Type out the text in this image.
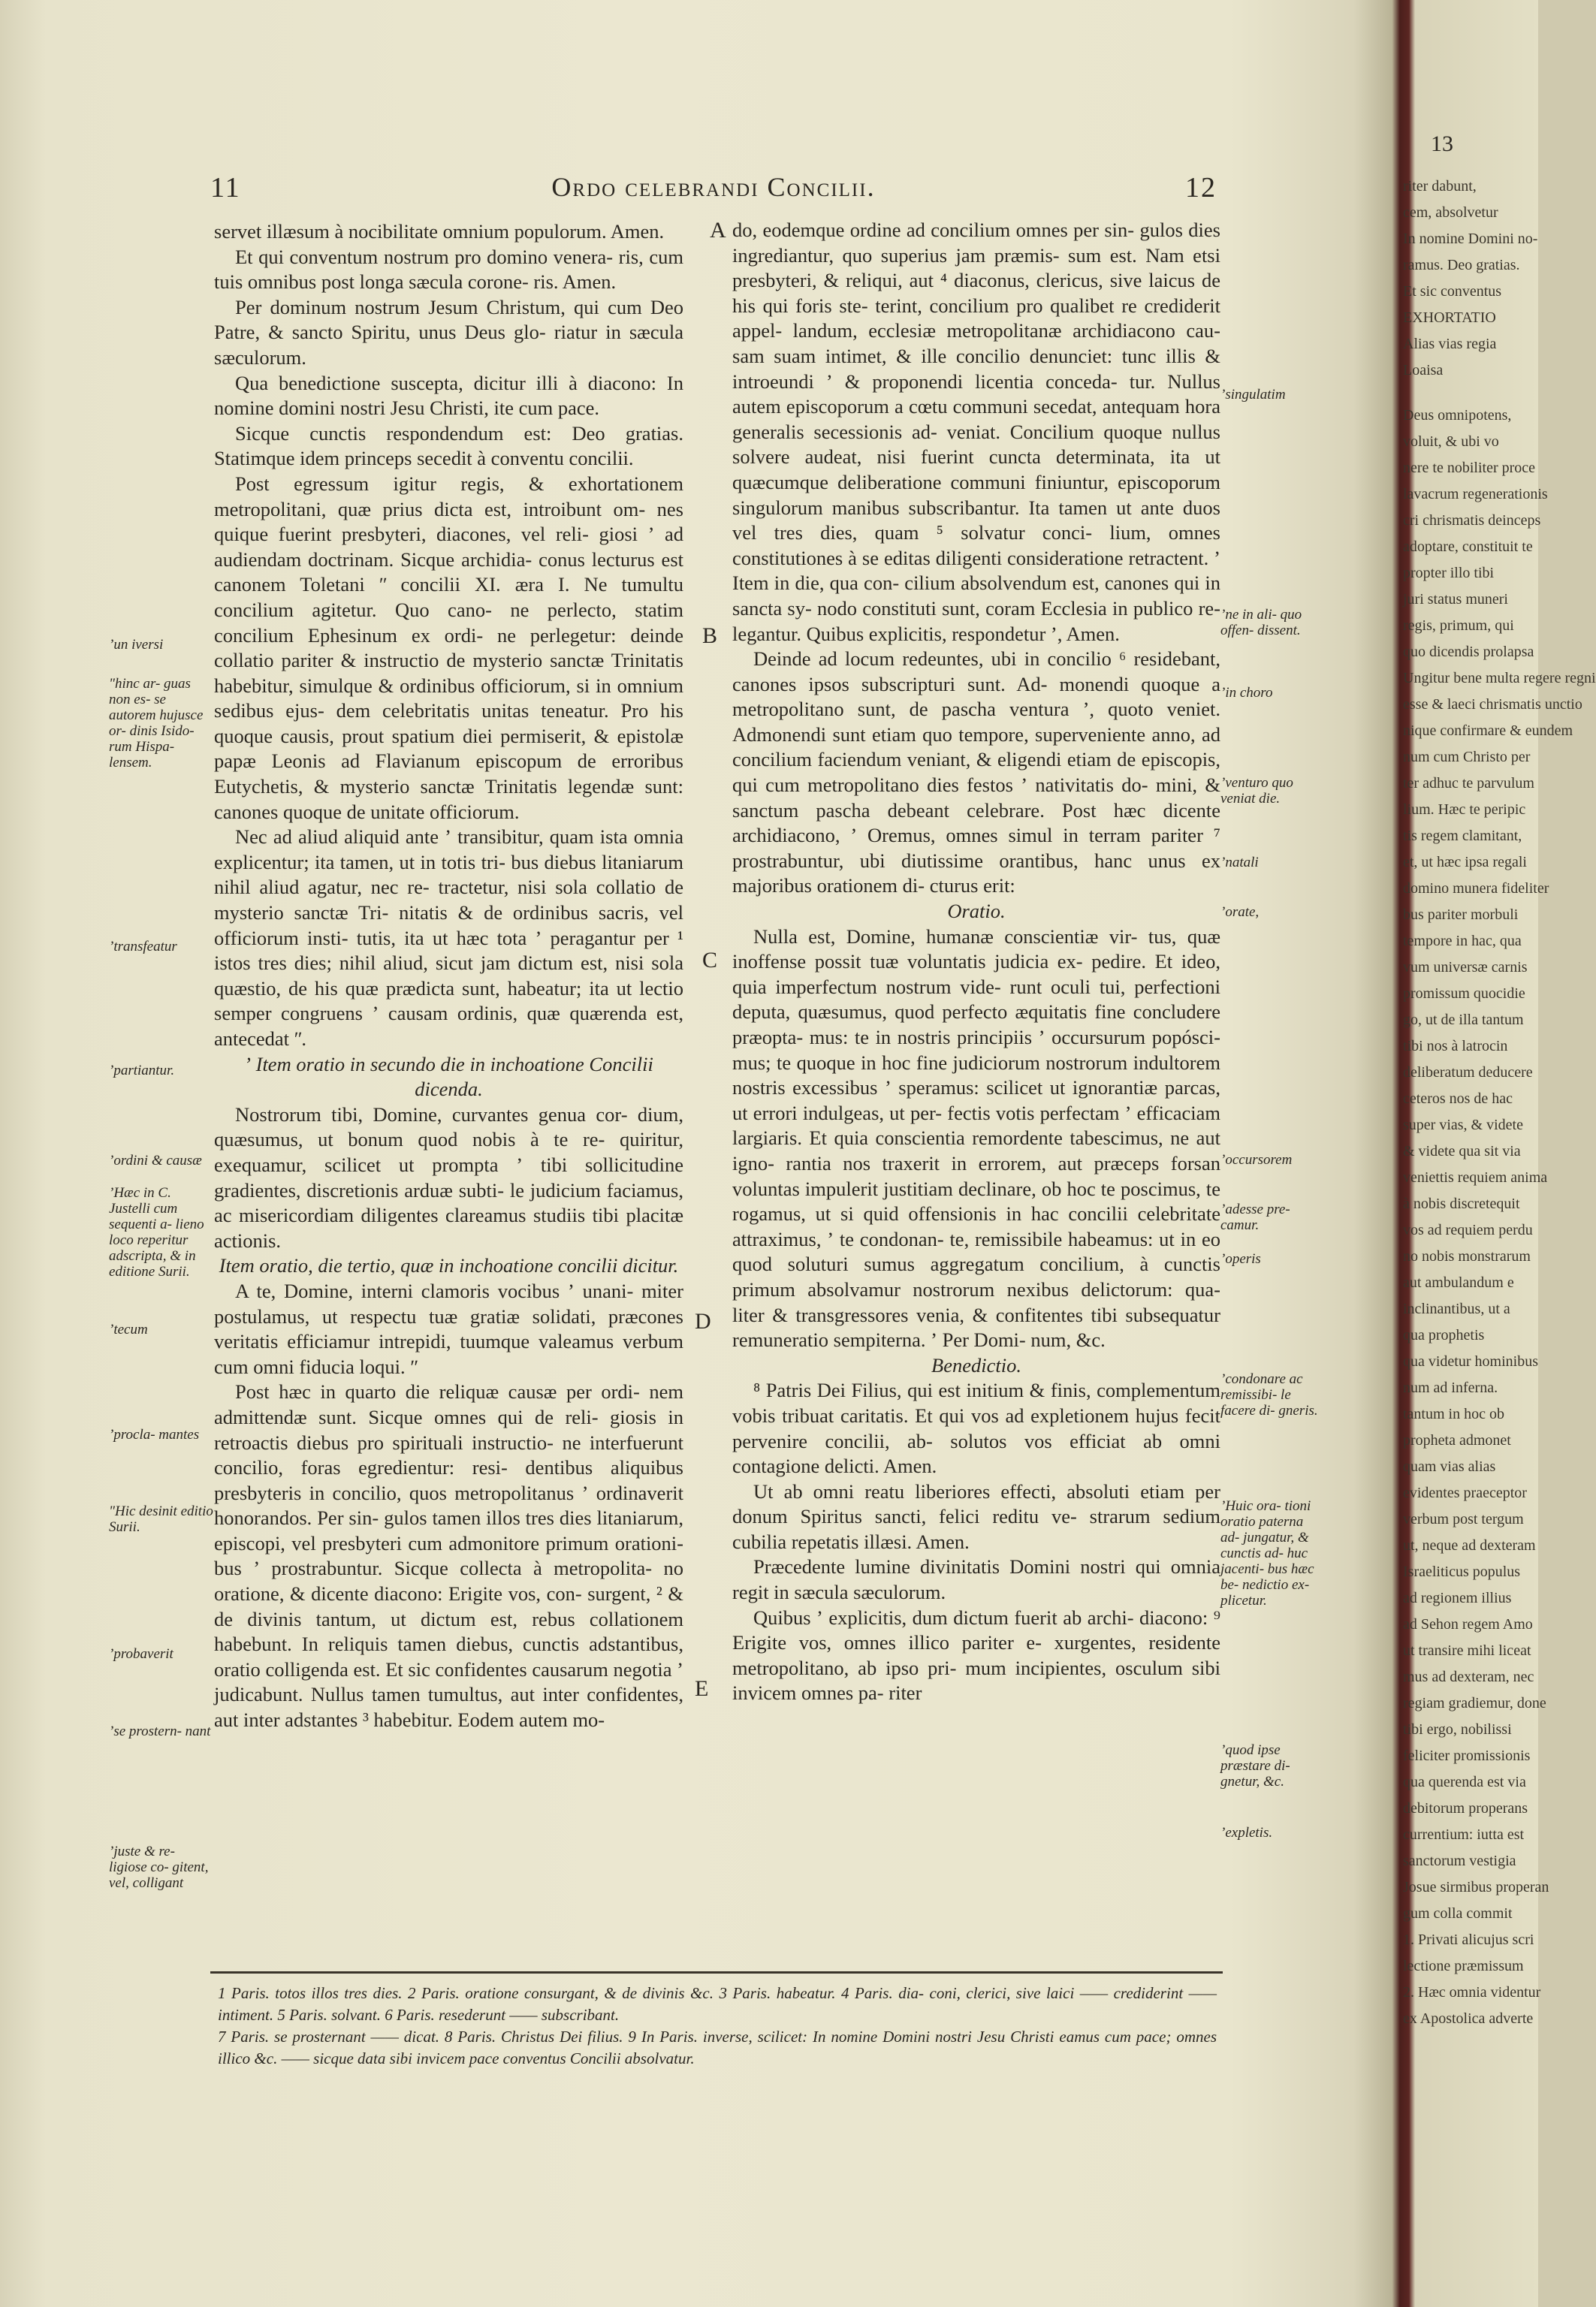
11	Ordo celebrandi Concilii.	12

servet illæsum à nocibilitate omnium populorum. Amen.

Et qui conventum nostrum pro domino venera- ris, cum tuis omnibus post longa sæcula corone- ris. Amen.

Per dominum nostrum Jesum Christum, qui cum Deo Patre, & sancto Spiritu, unus Deus glo- riatur in sæcula sæculorum.

Qua benedictione suscepta, dicitur illi à diacono: In nomine domini nostri Jesu Christi, ite cum pace.

Sicque cunctis respondendum est: Deo gratias. Statimque idem princeps secedit à conventu concilii.

Post egressum igitur regis, & exhortationem metropolitani, quæ prius dicta est, introibunt om- nes quique fuerint presbyteri, diacones, vel reli- giosi ʼ ad audiendam doctrinam. Sicque archidia- conus lecturus est canonem Toletani ʺ concilii XI. æra I. Ne tumultu concilium agitetur. Quo cano- ne perlecto, statim concilium Ephesinum ex ordi- ne perlegetur: deinde collatio pariter & instructio de mysterio sanctæ Trinitatis habebitur, simulque & ordinibus officiorum, si in omnium sedibus ejus- dem celebritatis unitas teneatur. Pro his quoque causis, prout spatium diei permiserit, & epistolæ papæ Leonis ad Flavianum episcopum de erroribus Eutychetis, & mysterio sanctæ Trinitatis legendæ sunt: canones quoque de unitate officiorum.

Nec ad aliud aliquid ante ʼ transibitur, quam ista omnia explicentur; ita tamen, ut in totis tri- bus diebus litaniarum nihil aliud agatur, nec re- tractetur, nisi sola collatio de mysterio sanctæ Tri- nitatis & de ordinibus sacris, vel officiorum insti- tutis, ita ut hæc tota ʼ peragantur per ¹ istos tres dies; nihil aliud, sicut jam dictum est, nisi sola quæstio, de his quæ prædicta sunt, habeatur; ita ut lectio semper congruens ʼ causam ordinis, quæ quærenda est, antecedat ʺ.

ʼ Item oratio in secundo die in inchoatione Concilii dicenda.

Nostrorum tibi, Domine, curvantes genua cor- dium, quæsumus, ut bonum quod nobis à te re- quiritur, exequamur, scilicet ut prompta ʼ tibi sollicitudine gradientes, discretionis arduæ subti- le judicium faciamus, ac misericordiam diligentes clareamus studiis tibi placitæ actionis.

Item oratio, die tertio, quæ in inchoatione concilii dicitur.

A te, Domine, interni clamoris vocibus ʼ unani- miter postulamus, ut respectu tuæ gratiæ solidati, præcones veritatis efficiamur intrepidi, tuumque valeamus verbum cum omni fiducia loqui. ʺ

Post hæc in quarto die reliquæ causæ per ordi- nem admittendæ sunt. Sicque omnes qui de reli- giosis in retroactis diebus pro spirituali instructio- ne interfuerunt concilio, foras egredientur: resi- dentibus aliquibus presbyteris in concilio, quos metropolitanus ʼ ordinaverit honorandos. Per sin- gulos tamen illos tres dies litaniarum, episcopi, vel presbyteri cum admonitore primum orationi- bus ʼ prostrabuntur. Sicque collecta à metropolita- no oratione, & dicente diacono: Erigite vos, con- surgent, ² & de divinis tantum, ut dictum est, rebus collationem habebunt. In reliquis tamen diebus, cunctis adstantibus, oratio colligenda est. Et sic confidentes causarum negotia ʼ judicabunt. Nullus tamen tumultus, aut inter confidentes, aut inter adstantes ³ habebitur. Eodem autem mo-

do, eodemque ordine ad concilium omnes per sin- gulos dies ingrediantur, quo superius jam præmis- sum est. Nam etsi presbyteri, & reliqui, aut ⁴ diaconus, clericus, sive laicus de his qui foris ste- terint, concilium pro qualibet re crediderit appel- landum, ecclesiæ metropolitanæ archidiacono cau- sam suam intimet, & ille concilio denunciet: tunc illis & introeundi ʼ & proponendi licentia conceda- tur. Nullus autem episcoporum a cœtu communi secedat, antequam hora generalis secessionis ad- veniat. Concilium quoque nullus solvere audeat, nisi fuerint cuncta determinata, ita ut quæcumque deliberatione communi finiuntur, episcoporum singulorum manibus subscribantur. Ita tamen ut ante duos vel tres dies, quam ⁵ solvatur conci- lium, omnes constitutiones à se editas diligenti consideratione retractent. ʼ Item in die, qua con- cilium absolvendum est, canones qui in sancta sy- nodo constituti sunt, coram Ecclesia in publico re- legantur. Quibus explicitis, respondetur ʼ, Amen.

Deinde ad locum redeuntes, ubi in concilio ⁶ residebant, canones ipsos subscripturi sunt. Ad- monendi quoque a metropolitano sunt, de pascha ventura ʼ, quoto veniet. Admonendi sunt etiam quo tempore, superveniente anno, ad concilium faciendum veniant, & eligendi etiam de episcopis, qui cum metropolitano dies festos ʼ nativitatis do- mini, & sanctum pascha debeant celebrare. Post hæc dicente archidiacono, ʼ Oremus, omnes simul in terram pariter ⁷ prostrabuntur, ubi diutissime orantibus, hanc unus ex majoribus orationem di- cturus erit:

Oratio.

Nulla est, Domine, humanæ conscientiæ vir- tus, quæ inoffense possit tuæ voluntatis judicia ex- pedire. Et ideo, quia imperfectum nostrum vide- runt oculi tui, perfectioni deputa, quæsumus, quod perfecto æquitatis fine concludere præopta- mus: te in nostris principiis ʼ occursurum popósci- mus; te quoque in hoc fine judiciorum nostrorum indultorem nostris excessibus ʼ speramus: scilicet ut ignorantiæ parcas, ut errori indulgeas, ut per- fectis votis perfectam ʼ efficaciam largiaris. Et quia conscientia remordente tabescimus, ne aut igno- rantia nos traxerit in errorem, aut præceps forsan voluntas impulerit justitiam declinare, ob hoc te poscimus, te rogamus, ut si quid offensionis in hac concilii celebritate attraximus, ʼ te condonan- te, remissibile habeamus: ut in eo quod soluturi sumus aggregatum concilium, à cunctis primum absolvamur nostrorum nexibus delictorum: qua- liter & transgressores venia, & confitentes tibi subsequatur remuneratio sempiterna. ʼ Per Domi- num, &c.

Benedictio.

⁸ Patris Dei Filius, qui est initium & finis, complementum vobis tribuat caritatis. Et qui vos ad expletionem hujus fecit pervenire concilii, ab- solutos vos efficiat ab omni contagione delicti. Amen.

Ut ab omni reatu liberiores effecti, absoluti etiam per donum Spiritus sancti, felici reditu ve- strarum sedium cubilia repetatis illæsi. Amen.

Præcedente lumine divinitatis Domini nostri qui omnia regit in sæcula sæculorum.

Quibus ʼ explicitis, dum dictum fuerit ab archi- diacono: ⁹ Erigite vos, omnes illico pariter e- xurgentes, residente metropolitano, ab ipso pri- mum incipientes, osculum sibi invicem omnes pa- riter

ʼun iversi
ʺhinc ar- guas non es- se autorem hujusce or- dinis Isido- rum Hispa- lensem.
ʼtransfeatur
ʼpartiantur.
ʼordini & causæ
ʼHæc in C. Justelli cum sequenti a- lieno loco reperitur adscripta, & in editione Surii.
ʼtecum
ʼprocla- mantes
ʺHic desinit editio Surii.
ʼprobaverit
ʼse prostern- nant
ʼjuste & re- ligiose co- gitent, vel, colligant
ʼsingulatim
ʼne in ali- quo offen- dissent.
ʼin choro
ʼventuro quo veniat die.
ʼnatali
ʼorate,
ʼoccursorem
ʼadesse pre- camur.
ʼoperis
ʼcondonare ac remissibi- le facere di- gneris.
ʼHuic ora- tioni oratio paterna ad- jungatur, & cunctis ad- huc jacenti- bus hæc be- nedictio ex- plicetur.
ʼquod ipse præstare di- gnetur, &c.
ʼexpletis.
A
B
C
D
E

1 Paris. totos illos tres dies. 2 Paris. oratione consurgant, & de divinis &c. 3 Paris. habeatur. 4 Paris. dia- coni, clerici, sive laici —— crediderint —— intiment. 5 Paris. solvant. 6 Paris. resederunt —— subscribant.

7 Paris. se prosternant —— dicat. 8 Paris. Christus Dei filius. 9 In Paris. inverse, scilicet: In nomine Domini nostri Jesu Christi eamus cum pace; omnes illico &c. —— sicque data sibi invicem pace conventus Concilii absolvatur.

13
riter dabunt,
cem, absolvetur
In nomine Domini no-
ramus. Deo gratias.
Et sic conventus
EXHORTATIO
Alias vias regia
Loaisa
Deus omnipotens,
voluit, & ubi vo
nere te nobiliter proce
lavacrum regenerationis
cri chrismatis deinceps
adoptare, constituit te
propter illo tibi
juri status muneri
regis, primum, qui
quo dicendis prolapsa
Ungitur bene multa regere regni
esse & laeci chrismatis unctio
nique confirmare & eundem
num cum Christo per
ter adhuc te parvulum
lium. Hæc te peripic
tis regem clamitant,
et, ut hæc ipsa regali
domino munera fideliter
bus pariter morbuli
tempore in hac, qua
vum universæ carnis
promissum quocidie
go, ut de illa tantum
tibi nos à latrocin
deliberatum deducere
ceteros nos de hac
super vias, & videte
& videte qua sit via
veniettis requiem anima
à nobis discretequit
vos ad requiem perdu
no nobis monstrarum
aut ambulandum e
inclinantibus, ut a
qua prophetis
qua videtur hominibus
num ad inferna.
tantum in hoc ob
propheta admonet
quam vias alias
evidentes praeceptor
verbum post tergum
ut, neque ad dexteram
Israeliticus populus
ad regionem illius
ad Sehon regem Amo
ut transire mihi liceat
mus ad dexteram, nec
regiam gradiemur, done
tibi ergo, nobilissi
feliciter promissionis
qua querenda est via
debitorum properans
currentium: iutta est
sanctorum vestigia
Josue sirmibus properan
gum colla commit
1. Privati alicujus scri
lectione præmissum
2. Hæc omnia videntur
ex Apostolica adverte
